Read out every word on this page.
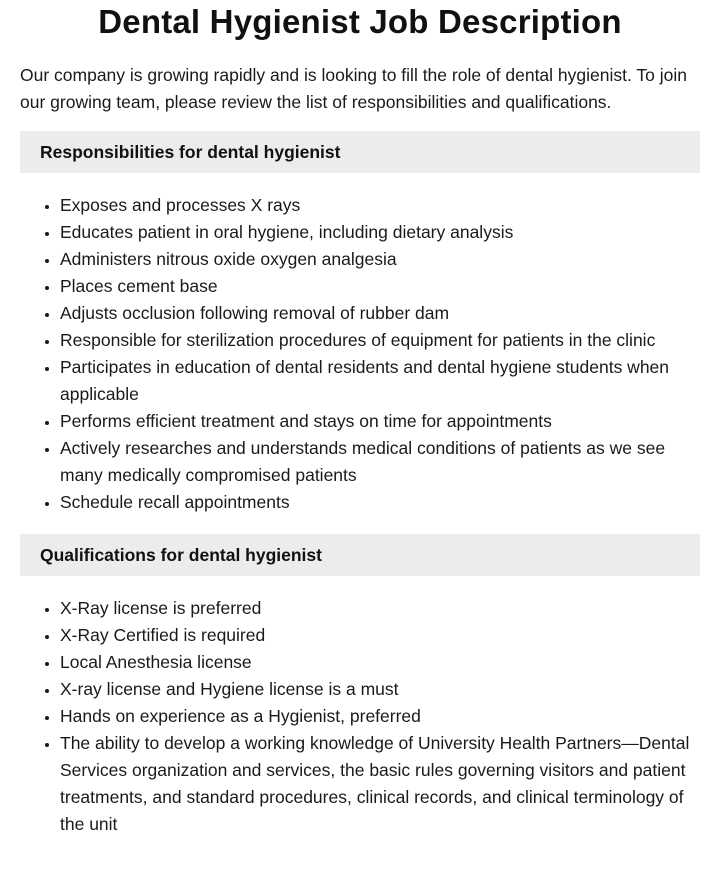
Dental Hygienist Job Description

Our company is growing rapidly and is looking to fill the role of dental hygienist. To join our growing team, please review the list of responsibilities and qualifications.

Responsibilities for dental hygienist
• Exposes and processes X rays
• Educates patient in oral hygiene, including dietary analysis
• Administers nitrous oxide oxygen analgesia
• Places cement base
• Adjusts occlusion following removal of rubber dam
• Responsible for sterilization procedures of equipment for patients in the clinic
• Participates in education of dental residents and dental hygiene students when applicable
• Performs efficient treatment and stays on time for appointments
• Actively researches and understands medical conditions of patients as we see many medically compromised patients
• Schedule recall appointments
Qualifications for dental hygienist
• X-Ray license is preferred
• X-Ray Certified is required
• Local Anesthesia license
• X-ray license and Hygiene license is a must
• Hands on experience as a Hygienist, preferred
• The ability to develop a working knowledge of University Health Partners—Dental Services organization and services, the basic rules governing visitors and patient treatments, and standard procedures, clinical records, and clinical terminology of the unit
